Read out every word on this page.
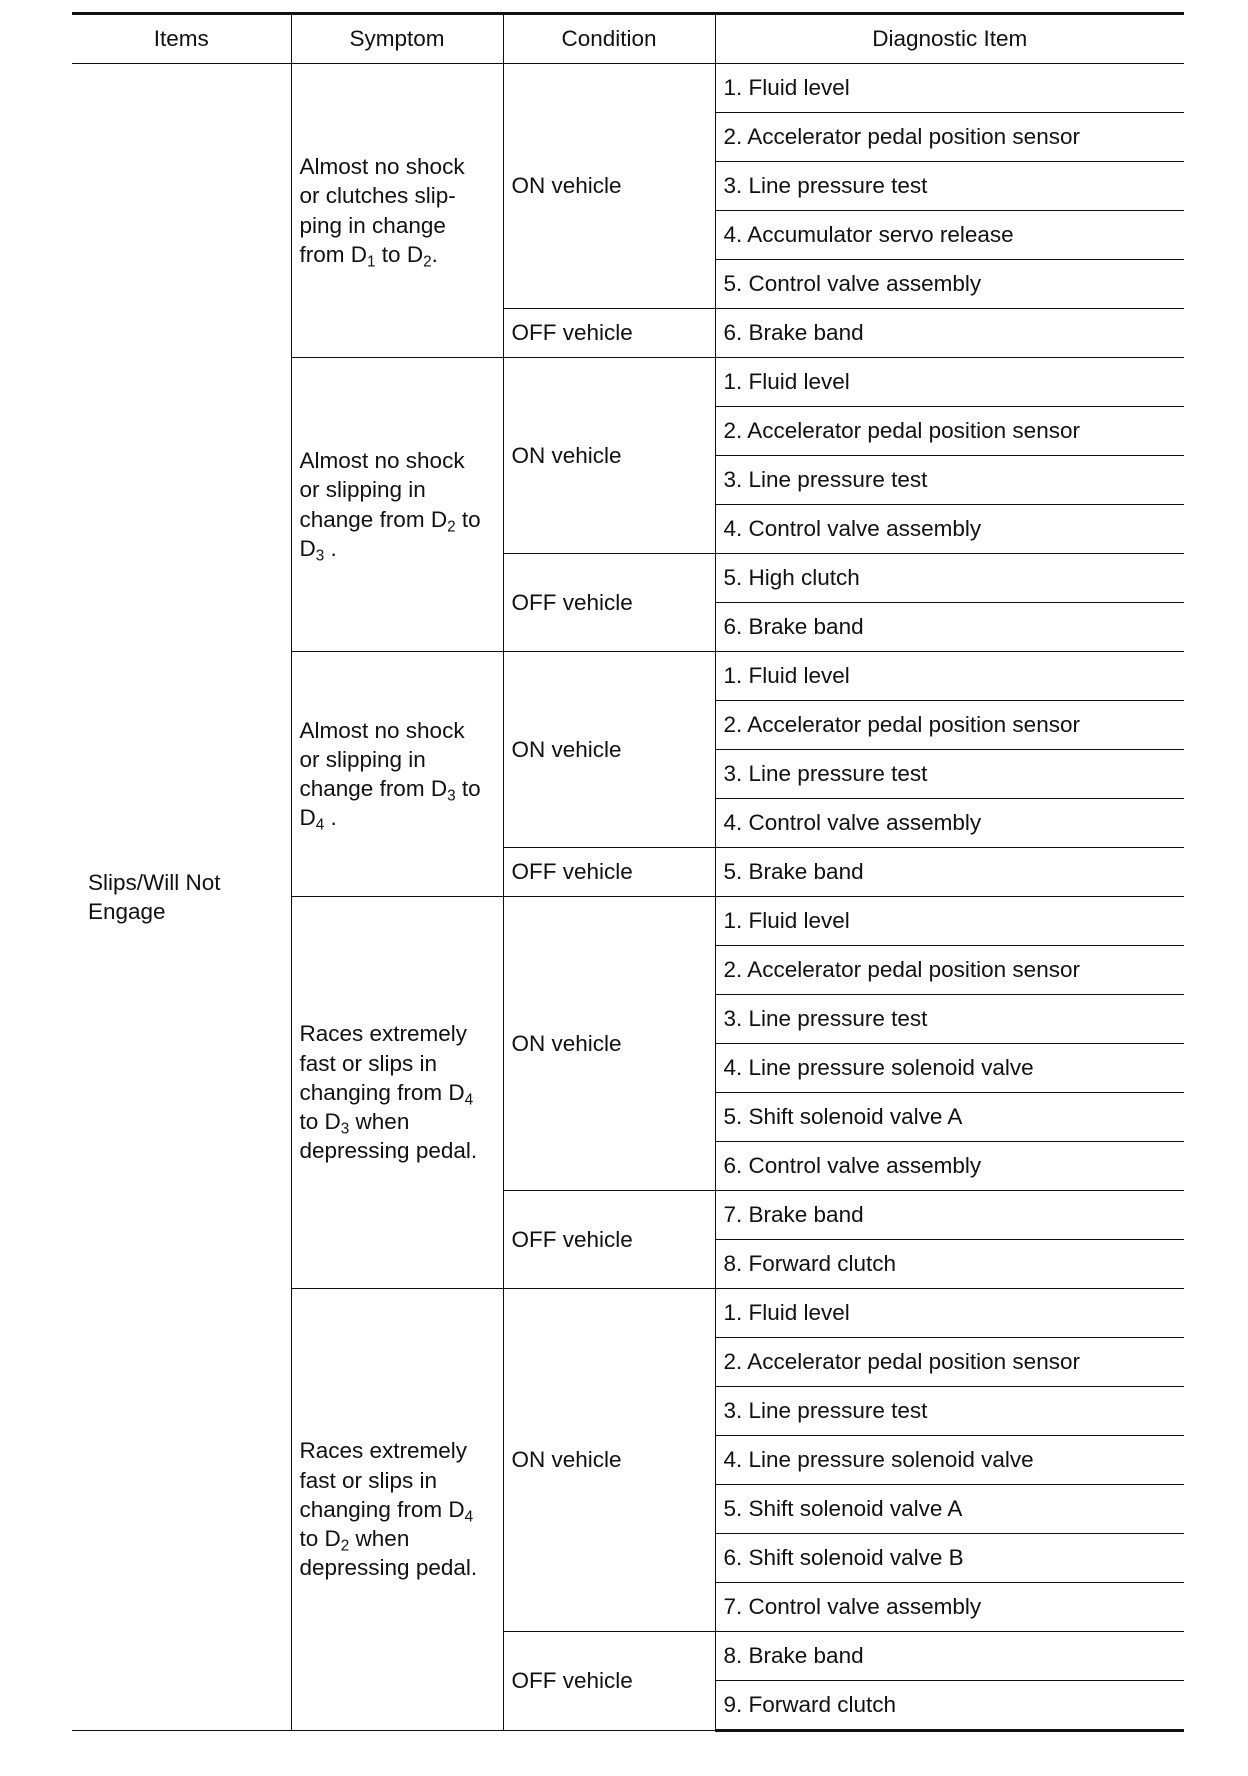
Items	Symptom	Condition	Diagnostic Item
Slips/Will Not Engage	Almost no shock
or clutches slip-
ping in change
from $D_1$ to $D_2$.	ON vehicle	1. Fluid level
			2. Accelerator pedal position sensor
			3. Line pressure test
			4. Accumulator servo release
			5. Control valve assembly
		OFF vehicle	6. Brake band

	Almost no shock
or slipping in
change from $D_2$ to
$D_3$ .	ON vehicle	1. Fluid level
			2. Accelerator pedal position sensor
			3. Line pressure test
			4. Control valve assembly
		OFF vehicle	5. High clutch
			6. Brake band

	Almost no shock
or slipping in
change from $D_3$ to
$D_4$ .	ON vehicle	1. Fluid level
			2. Accelerator pedal position sensor
			3. Line pressure test
			4. Control valve assembly
		OFF vehicle	5. Brake band

	Races extremely
fast or slips in
changing from $D_4$
to $D_3$ when
depressing pedal.	ON vehicle	1. Fluid level
			2. Accelerator pedal position sensor
			3. Line pressure test
			4. Line pressure solenoid valve
			5. Shift solenoid valve A
			6. Control valve assembly
		OFF vehicle	7. Brake band
			8. Forward clutch

	Races extremely
fast or slips in
changing from $D_4$
to $D_2$ when
depressing pedal.	ON vehicle	1. Fluid level
			2. Accelerator pedal position sensor
			3. Line pressure test
			4. Line pressure solenoid valve
			5. Shift solenoid valve A
			6. Shift solenoid valve B
			7. Control valve assembly
		OFF vehicle	8. Brake band
			9. Forward clutch
